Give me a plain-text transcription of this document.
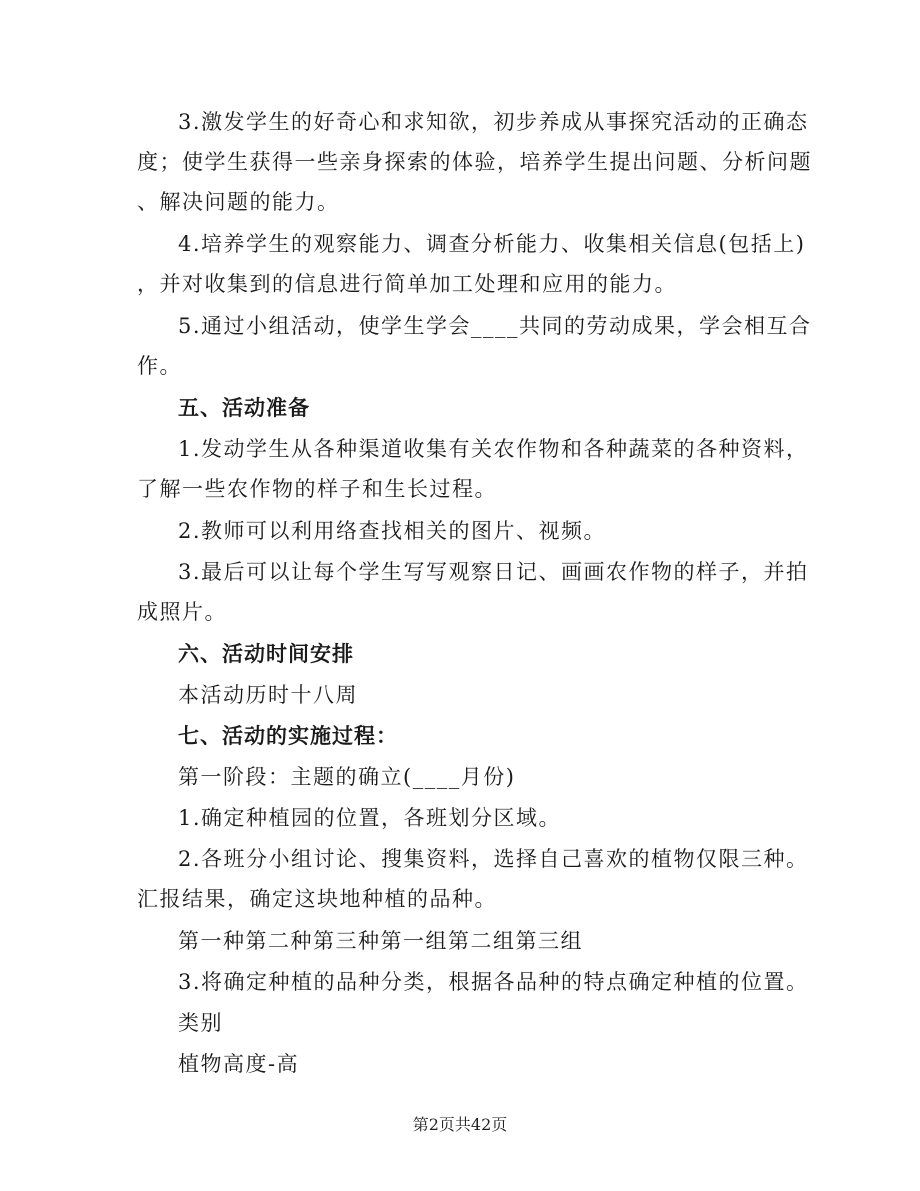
3.激发学生的好奇心和求知欲，初步养成从事探究活动的正确态
度；使学生获得一些亲身探索的体验，培养学生提出问题、分析问题
、解决问题的能力。
4.培养学生的观察能力、调查分析能力、收集相关信息(包括上)
，并对收集到的信息进行简单加工处理和应用的能力。
5.通过小组活动，使学生学会____共同的劳动成果，学会相互合
作。
五、活动准备
1.发动学生从各种渠道收集有关农作物和各种蔬菜的各种资料，
了解一些农作物的样子和生长过程。
2.教师可以利用络查找相关的图片、视频。
3.最后可以让每个学生写写观察日记、画画农作物的样子，并拍
成照片。
六、活动时间安排
本活动历时十八周
七、活动的实施过程：
第一阶段：主题的确立(____月份)
1.确定种植园的位置，各班划分区域。
2.各班分小组讨论、搜集资料，选择自己喜欢的植物仅限三种。
汇报结果，确定这块地种植的品种。
第一种第二种第三种第一组第二组第三组
3.将确定种植的品种分类，根据各品种的特点确定种植的位置。
类别
植物高度-高
第2页共42页
